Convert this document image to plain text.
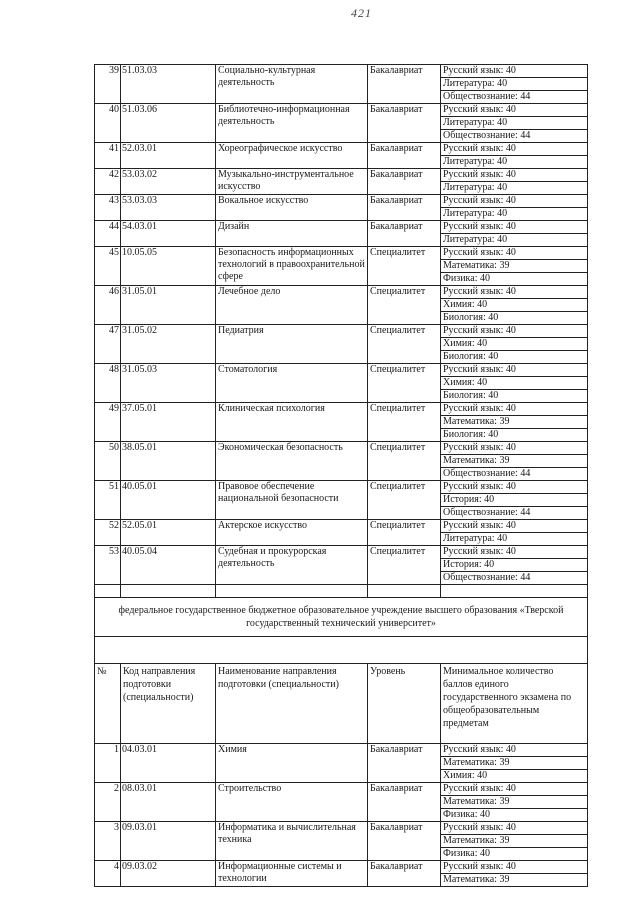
421
39	51.03.03	Социально-культурная деятельность	Бакалавриат	Русский язык: 40
				Литература: 40
				Обществознание: 44
40	51.03.06	Библиотечно-информационная деятельность	Бакалавриат	Русский язык: 40
				Литература: 40
				Обществознание: 44
41	52.03.01	Хореографическое искусство	Бакалавриат	Русский язык: 40
				Литература: 40
42	53.03.02	Музыкально-инструментальное искусство	Бакалавриат	Русский язык: 40
				Литература: 40
43	53.03.03	Вокальное искусство	Бакалавриат	Русский язык: 40
				Литература: 40
44	54.03.01	Дизайн	Бакалавриат	Русский язык: 40
				Литература: 40
45	10.05.05	Безопасность информационных технологий в правоохранительной сфере	Специалитет	Русский язык: 40
				Математика: 39
				Физика: 40
46	31.05.01	Лечебное дело	Специалитет	Русский язык: 40
				Химия: 40
				Биология: 40
47	31.05.02	Педиатрия	Специалитет	Русский язык: 40
				Химия: 40
				Биология: 40
48	31.05.03	Стоматология	Специалитет	Русский язык: 40
				Химия: 40
				Биология: 40
49	37.05.01	Клиническая психология	Специалитет	Русский язык: 40
				Математика: 39
				Биология: 40
50	38.05.01	Экономическая безопасность	Специалитет	Русский язык: 40
				Математика: 39
				Обществознание: 44
51	40.05.01	Правовое обеспечение национальной безопасности	Специалитет	Русский язык: 40
				История: 40
				Обществознание: 44
52	52.05.01	Актерское искусство	Специалитет	Русский язык: 40
				Литература: 40
53	40.05.04	Судебная и прокурорская деятельность	Специалитет	Русский язык: 40
				История: 40
				Обществознание: 44

федеральное государственное бюджетное образовательное учреждение высшего образования «Тверской государственный технический университет»				

№	Код направления подготовки (специальности)	Наименование направления подготовки (специальности)	Уровень	Минимальное количество баллов единого государственного экзамена по общеобразовательным предметам
1	04.03.01	Химия	Бакалавриат	Русский язык: 40
				Математика: 39
				Химия: 40
2	08.03.01	Строительство	Бакалавриат	Русский язык: 40
				Математика: 39
				Физика: 40
3	09.03.01	Информатика и вычислительная техника	Бакалавриат	Русский язык: 40
				Математика: 39
				Физика: 40
4	09.03.02	Информационные системы и технологии	Бакалавриат	Русский язык: 40
				Математика: 39
